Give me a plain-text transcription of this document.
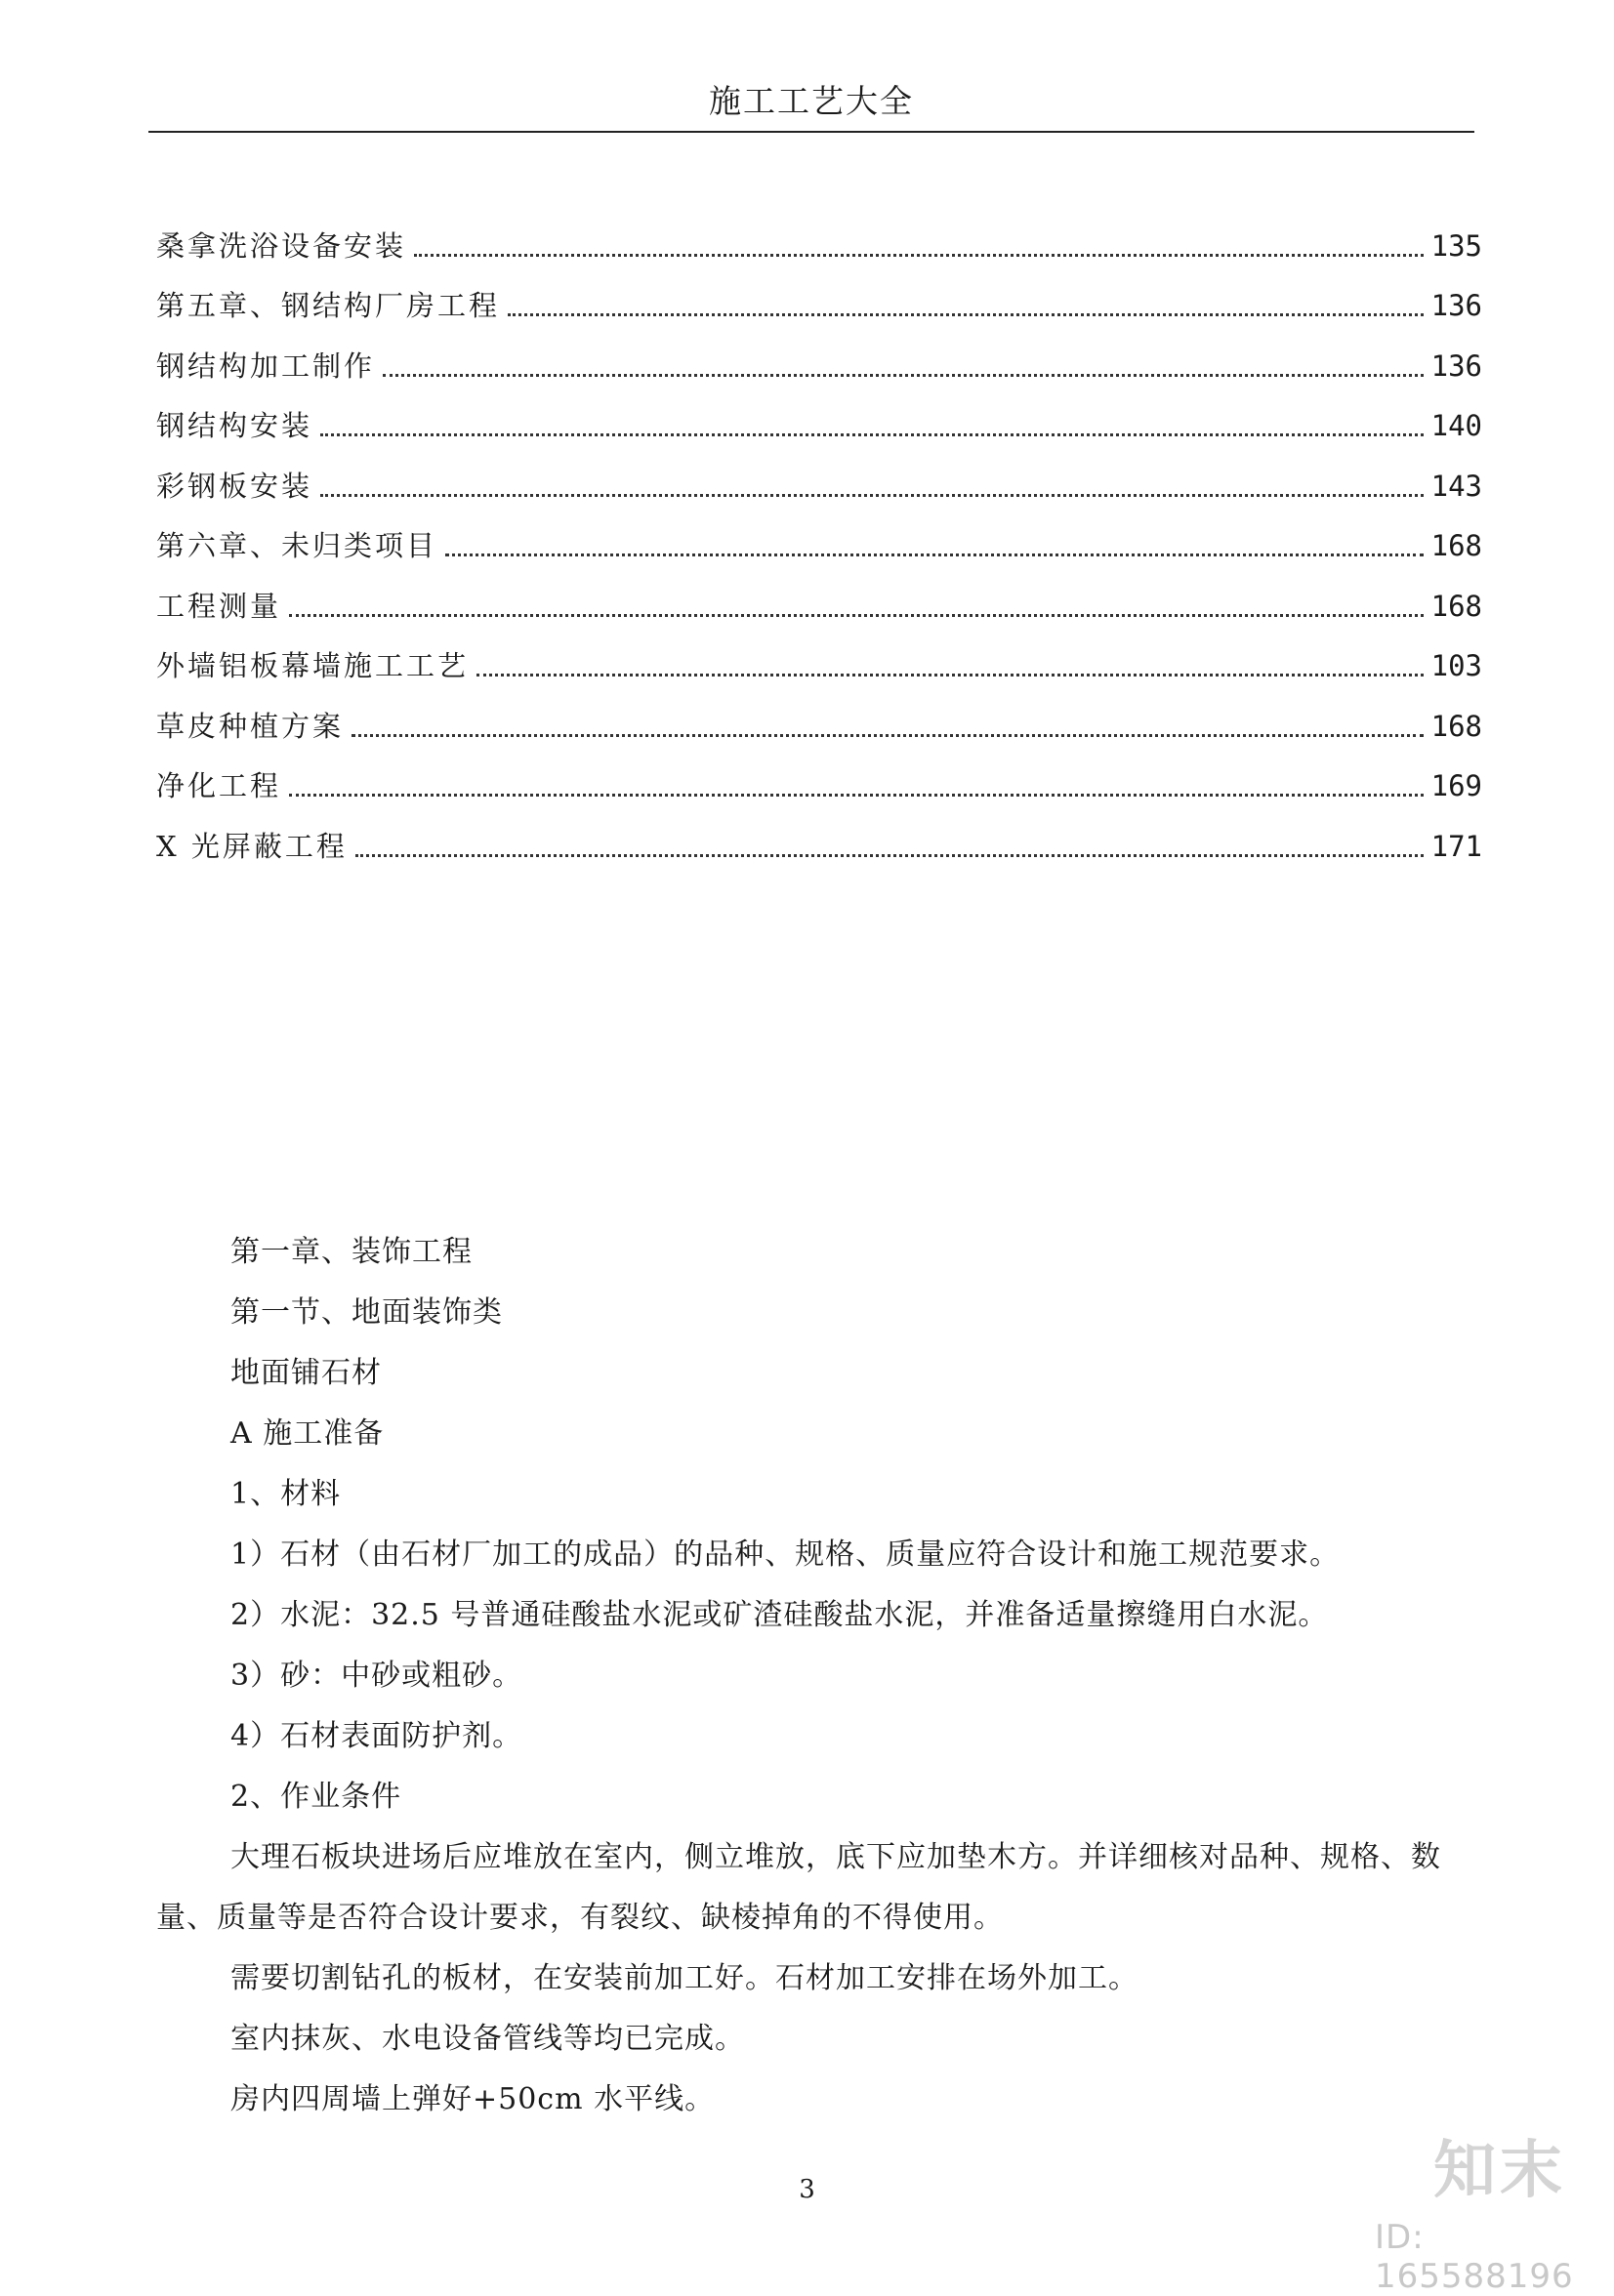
施工工艺大全
桑拿洗浴设备安装	135
第五章、钢结构厂房工程	136
钢结构加工制作	136
钢结构安装	140
彩钢板安装	143
第六章、未归类项目	168
工程测量	168
外墙铝板幕墙施工工艺	103
草皮种植方案	168
净化工程	169
X 光屏蔽工程	171
第一章、装饰工程
第一节、地面装饰类
地面铺石材
A 施工准备
1、材料
1）石材（由石材厂加工的成品）的品种、规格、质量应符合设计和施工规范要求。
2）水泥：32.5 号普通硅酸盐水泥或矿渣硅酸盐水泥，并准备适量擦缝用白水泥。
3）砂：中砂或粗砂。
4）石材表面防护剂。
2、作业条件
大理石板块进场后应堆放在室内，侧立堆放，底下应加垫木方。并详细核对品种、规格、数量、质量等是否符合设计要求，有裂纹、缺棱掉角的不得使用。
需要切割钻孔的板材，在安装前加工好。石材加工安排在场外加工。
室内抹灰、水电设备管线等均已完成。
房内四周墙上弹好+50cm 水平线。
3	知末
ID: 165588196
